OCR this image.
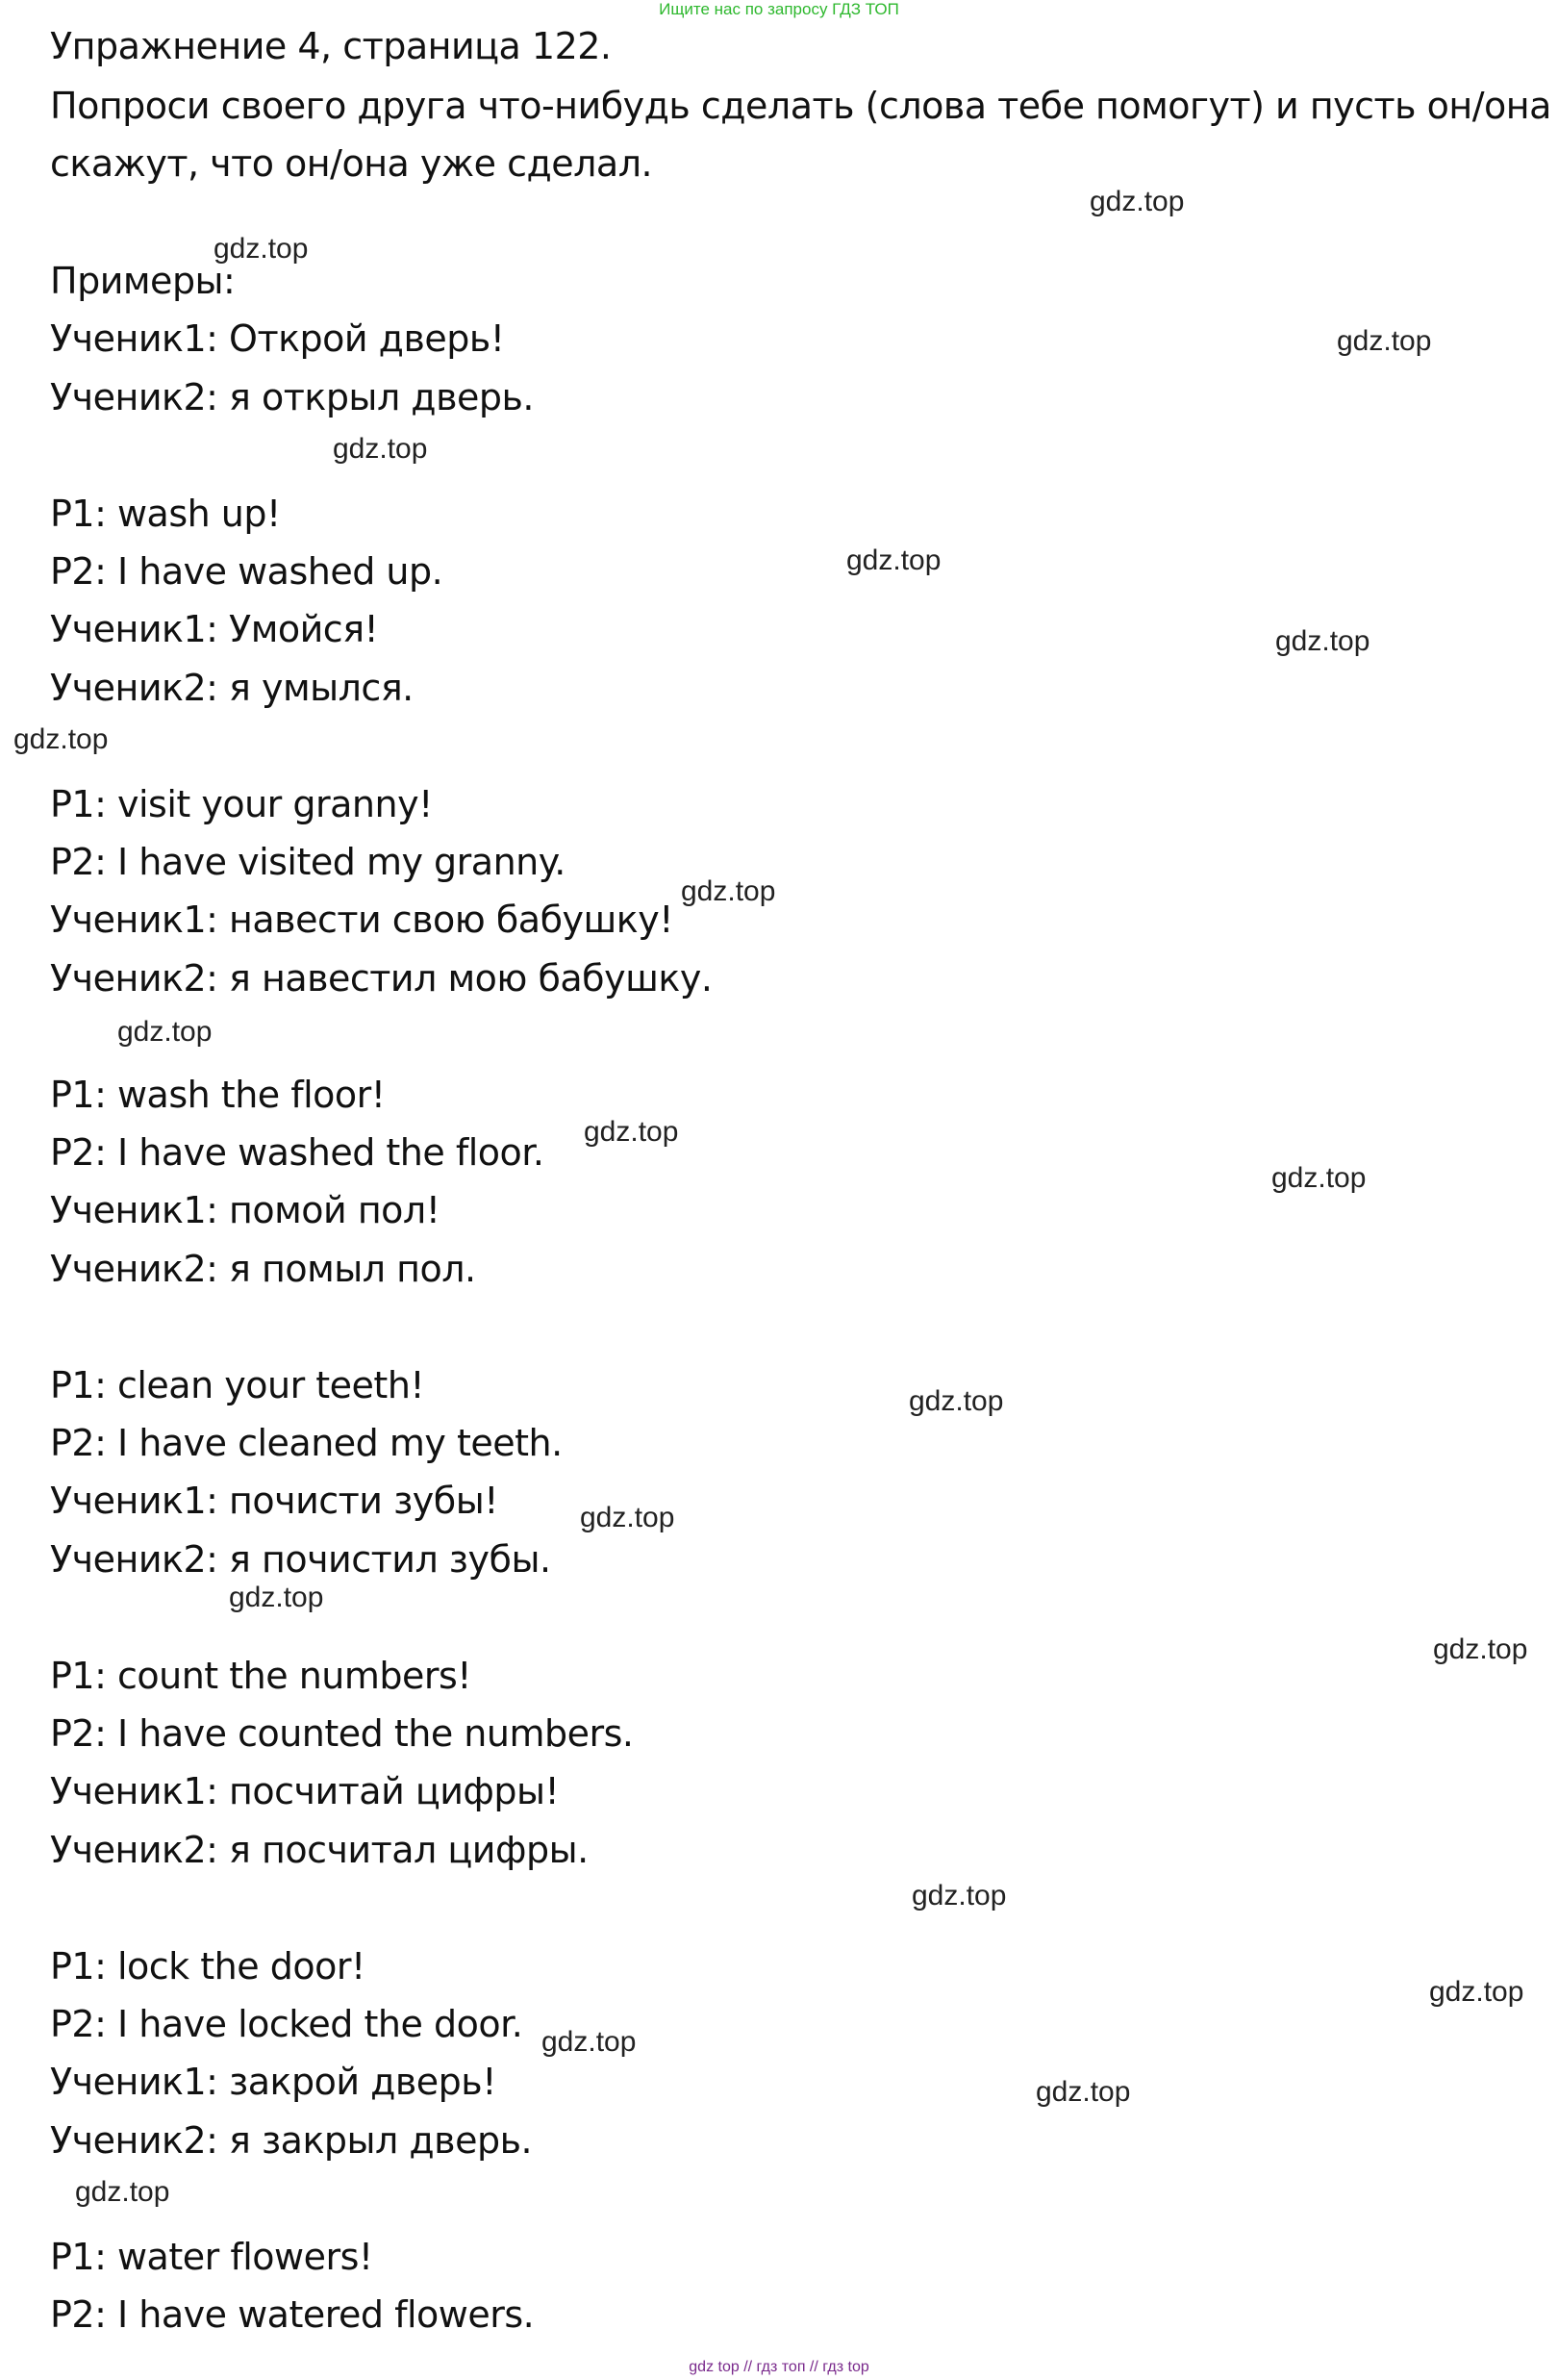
Ищите нас по запросу ГДЗ ТОП

Упражнение 4, страница 122.

Попроси своего друга что-нибудь сделать (слова тебе помогут) и пусть он/она

скажут, что он/она уже сделал.

Примеры:

Ученик1: Открой дверь!

Ученик2: я открыл дверь.

P1: wash up!

P2: I have washed up.

Ученик1: Умойся!

Ученик2: я умылся.

P1: visit your granny!

P2: I have visited my granny.

Ученик1: навести свою бабушку!

Ученик2: я навестил мою бабушку.

P1: wash the floor!

P2: I have washed the floor.

Ученик1: помой пол!

Ученик2: я помыл пол.

P1: clean your teeth!

P2: I have cleaned my teeth.

Ученик1: почисти зубы!

Ученик2: я почистил зубы.

P1: count the numbers!

P2: I have counted the numbers.

Ученик1: посчитай цифры!

Ученик2: я посчитал цифры.

P1: lock the door!

P2: I have locked the door.

Ученик1: закрой дверь!

Ученик2: я закрыл дверь.

P1: water flowers!

P2: I have watered flowers.

gdz.top
gdz.top
gdz.top
gdz.top
gdz.top
gdz.top
gdz.top
gdz.top
gdz.top
gdz.top
gdz.top
gdz.top
gdz.top
gdz.top
gdz.top
gdz.top
gdz.top
gdz.top
gdz.top
gdz.top
gdz top // гдз топ // гдз top
